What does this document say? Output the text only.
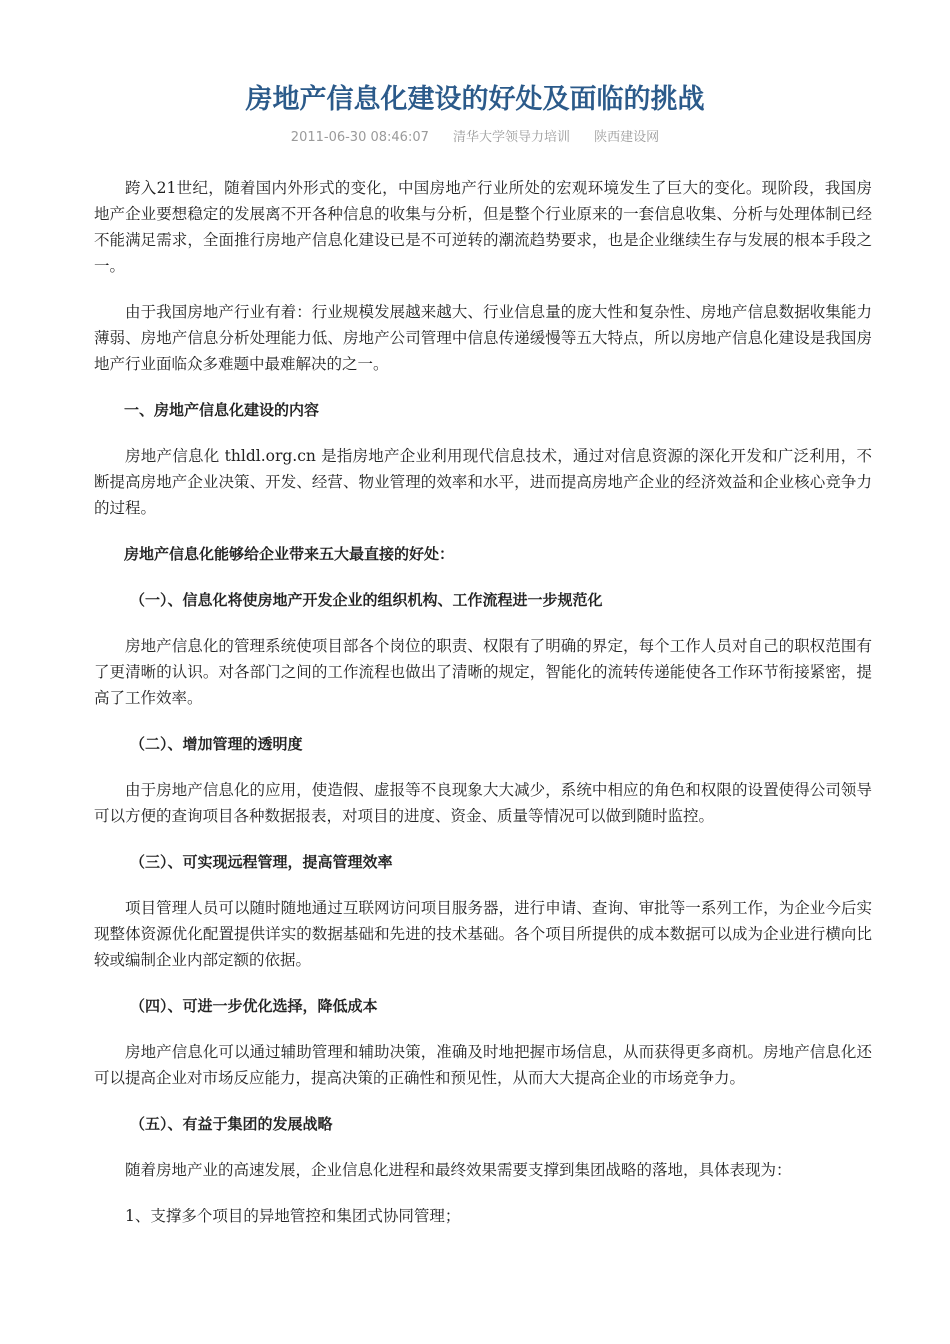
房地产信息化建设的好处及面临的挑战
2011-06-30 08:46:07 清华大学领导力培训 陕西建设网

跨入21世纪，随着国内外形式的变化，中国房地产行业所处的宏观环境发生了巨大的变化。现阶段，我国房地产企业要想稳定的发展离不开各种信息的收集与分析，但是整个行业原来的一套信息收集、分析与处理体制已经不能满足需求，全面推行房地产信息化建设已是不可逆转的潮流趋势要求，也是企业继续生存与发展的根本手段之一。

由于我国房地产行业有着：行业规模发展越来越大、行业信息量的庞大性和复杂性、房地产信息数据收集能力薄弱、房地产信息分析处理能力低、房地产公司管理中信息传递缓慢等五大特点，所以房地产信息化建设是我国房地产行业面临众多难题中最难解决的之一。

一、房地产信息化建设的内容

房地产信息化 thldl.org.cn 是指房地产企业利用现代信息技术，通过对信息资源的深化开发和广泛利用，不断提高房地产企业决策、开发、经营、物业管理的效率和水平，进而提高房地产企业的经济效益和企业核心竞争力的过程。

房地产信息化能够给企业带来五大最直接的好处：

（一）、信息化将使房地产开发企业的组织机构、工作流程进一步规范化

房地产信息化的管理系统使项目部各个岗位的职责、权限有了明确的界定，每个工作人员对自己的职权范围有了更清晰的认识。对各部门之间的工作流程也做出了清晰的规定，智能化的流转传递能使各工作环节衔接紧密，提高了工作效率。

（二）、增加管理的透明度

由于房地产信息化的应用，使造假、虚报等不良现象大大减少，系统中相应的角色和权限的设置使得公司领导可以方便的查询项目各种数据报表，对项目的进度、资金、质量等情况可以做到随时监控。

（三）、可实现远程管理，提高管理效率

项目管理人员可以随时随地通过互联网访问项目服务器，进行申请、查询、审批等一系列工作，为企业今后实现整体资源优化配置提供详实的数据基础和先进的技术基础。各个项目所提供的成本数据可以成为企业进行横向比较或编制企业内部定额的依据。

（四）、可进一步优化选择，降低成本

房地产信息化可以通过辅助管理和辅助决策，准确及时地把握市场信息，从而获得更多商机。房地产信息化还可以提高企业对市场反应能力，提高决策的正确性和预见性，从而大大提高企业的市场竞争力。

（五）、有益于集团的发展战略

随着房地产业的高速发展，企业信息化进程和最终效果需要支撑到集团战略的落地，具体表现为：

1、支撑多个项目的异地管控和集团式协同管理；
